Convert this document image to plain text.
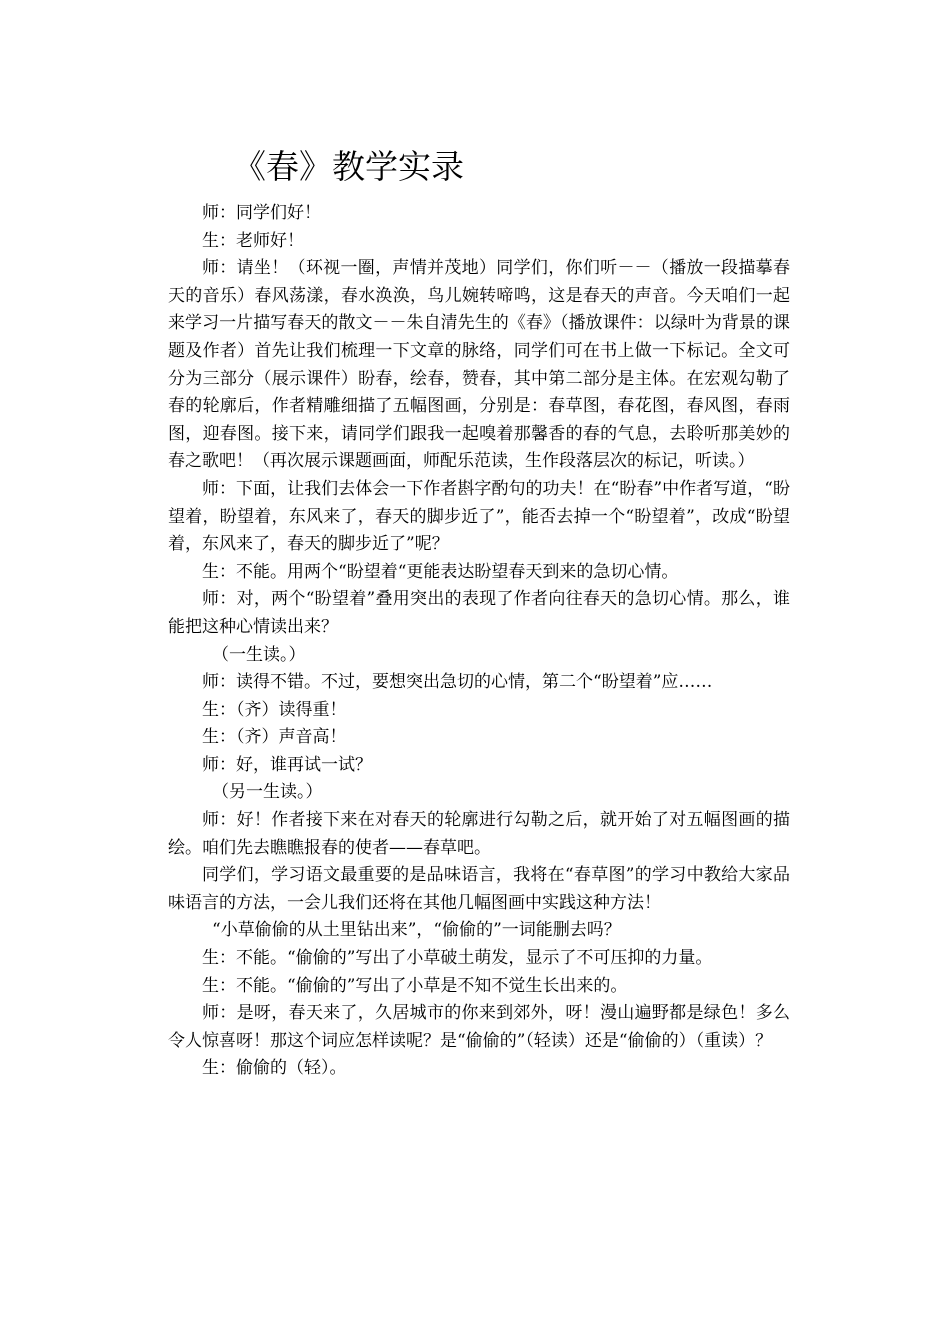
《春》教学实录

师：同学们好！

生：老师好！

师：请坐！（环视一圈，声情并茂地）同学们，你们听－－（播放一段描摹春天的音乐）春风荡漾，春水涣涣，鸟儿婉转啼鸣，这是春天的声音。今天咱们一起来学习一片描写春天的散文－－朱自清先生的《春》（播放课件：以绿叶为背景的课题及作者）首先让我们梳理一下文章的脉络，同学们可在书上做一下标记。全文可分为三部分（展示课件）盼春，绘春，赞春，其中第二部分是主体。在宏观勾勒了春的轮廓后，作者精雕细描了五幅图画，分别是：春草图，春花图，春风图，春雨图，迎春图。接下来，请同学们跟我一起嗅着那馨香的春的气息，去聆听那美妙的春之歌吧！（再次展示课题画面，师配乐范读，生作段落层次的标记，听读。）

师：下面，让我们去体会一下作者斟字酌句的功夫！在“盼春”中作者写道，“盼望着，盼望着，东风来了，春天的脚步近了”，能否去掉一个“盼望着”，改成“盼望着，东风来了，春天的脚步近了”呢？

生：不能。用两个“盼望着“更能表达盼望春天到来的急切心情。

师：对，两个“盼望着”叠用突出的表现了作者向往春天的急切心情。那么，谁能把这种心情读出来？

（一生读。）

师：读得不错。不过，要想突出急切的心情，第二个“盼望着”应……

生：（齐）读得重！

生：（齐）声音高！

师：好，谁再试一试？

（另一生读。）

师：好！作者接下来在对春天的轮廓进行勾勒之后，就开始了对五幅图画的描绘。咱们先去瞧瞧报春的使者——春草吧。

同学们，学习语文最重要的是品味语言，我将在“春草图”的学习中教给大家品味语言的方法，一会儿我们还将在其他几幅图画中实践这种方法！

“小草偷偷的从土里钻出来”，“偷偷的”一词能删去吗？

生：不能。“偷偷的”写出了小草破土萌发，显示了不可压抑的力量。

生：不能。“偷偷的”写出了小草是不知不觉生长出来的。

师：是呀，春天来了，久居城市的你来到郊外，呀！漫山遍野都是绿色！多么令人惊喜呀！那这个词应怎样读呢？是“偷偷的”（轻读）还是“偷偷的）（重读）？

生：偷偷的（轻）。
